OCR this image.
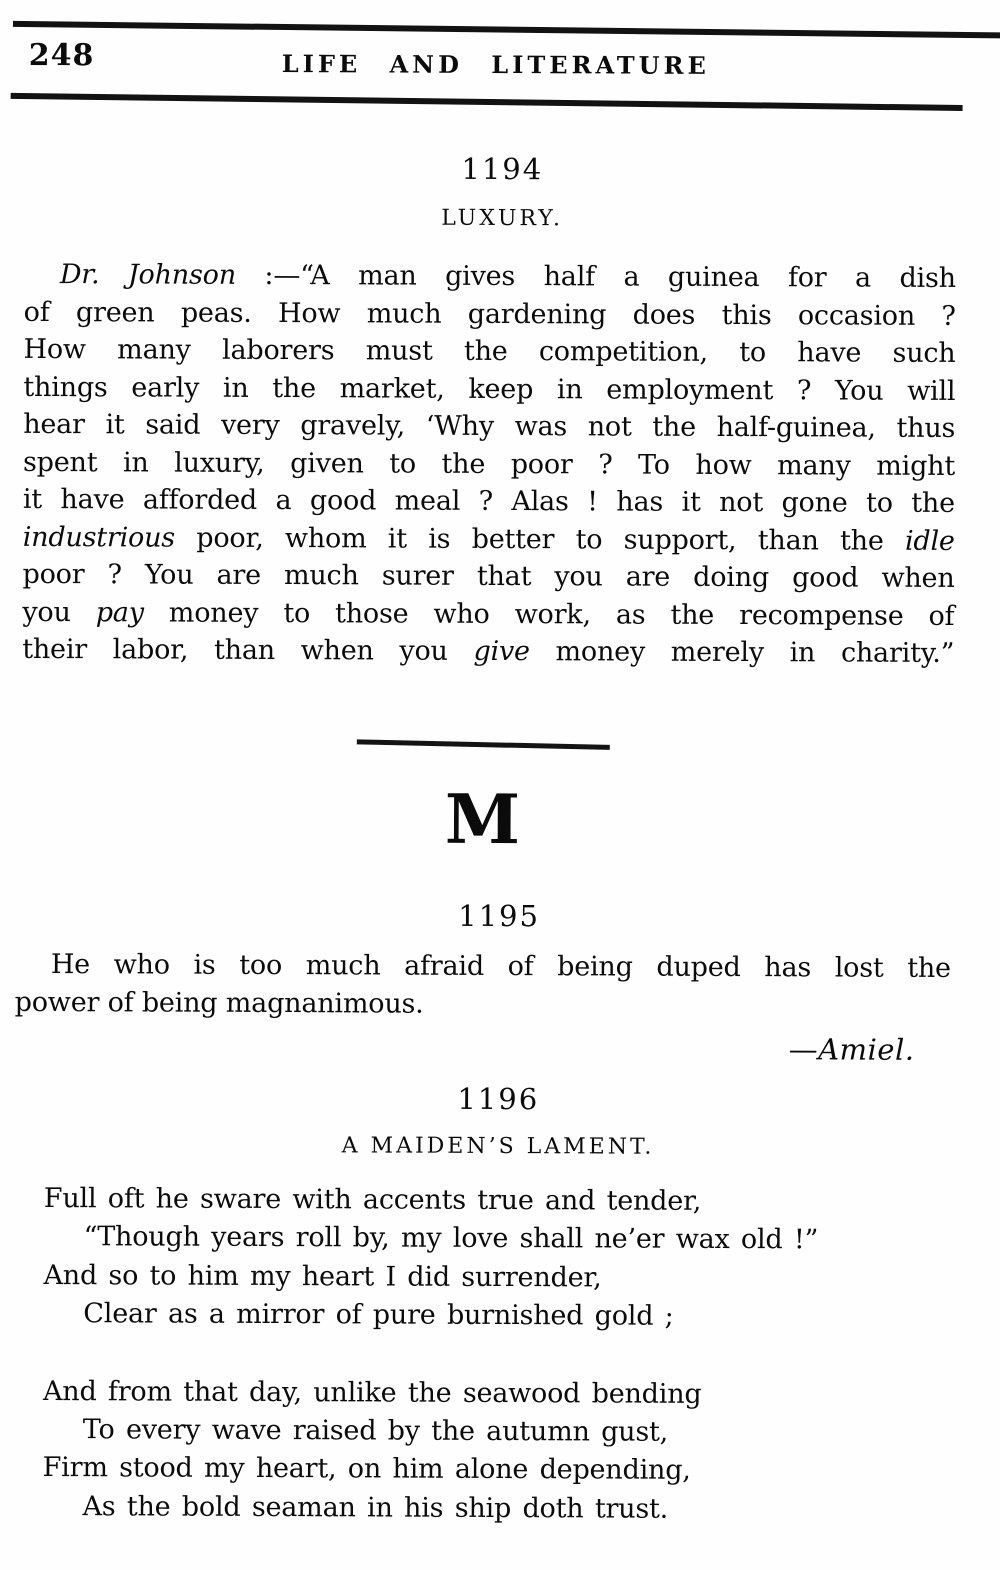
248	LIFE AND LITERATURE
1194
LUXURY.
Dr. Johnson :—“A man gives half a guinea for a dish
of green peas. How much gardening does this occasion ?
How many laborers must the competition, to have such
things early in the market, keep in employment ? You will
hear it said very gravely, ‘Why was not the half-guinea, thus
spent in luxury, given to the poor ? To how many might
it have afforded a good meal ? Alas ! has it not gone to the
industrious poor, whom it is better to support, than the idle
poor ? You are much surer that you are doing good when
you pay money to those who work, as the recompense of
their labor, than when you give money merely in charity.”
M
1195
He who is too much afraid of being duped has lost the
power of being magnanimous.
—Amiel.
1196
A MAIDEN’S LAMENT.
Full oft he sware with accents true and tender,
“Though years roll by, my love shall ne’er wax old !”
And so to him my heart I did surrender,
Clear as a mirror of pure burnished gold ;
And from that day, unlike the seawood bending
To every wave raised by the autumn gust,
Firm stood my heart, on him alone depending,
As the bold seaman in his ship doth trust.
